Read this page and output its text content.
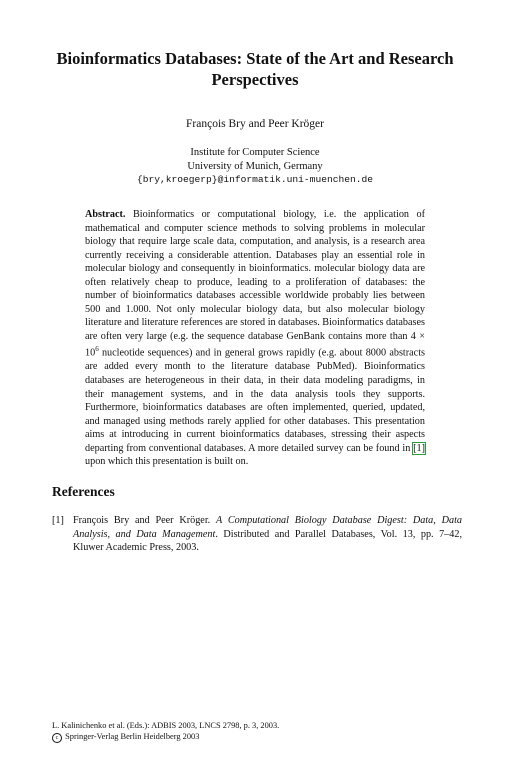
Bioinformatics Databases: State of the Art and Research Perspectives
François Bry and Peer Kröger
Institute for Computer Science
University of Munich, Germany
{bry,kroegerp}@informatik.uni-muenchen.de

Abstract. Bioinformatics or computational biology, i.e. the application of mathematical and computer science methods to solving problems in molecular biology that require large scale data, computation, and analysis, is a research area currently receiving a considerable attention. Databases play an essential role in molecular biology and consequently in bioinformatics. molecular biology data are often relatively cheap to produce, leading to a proliferation of databases: the number of bioinformatics databases accessible worldwide probably lies between 500 and 1.000. Not only molecular biology data, but also molecular biology literature and literature references are stored in databases. Bioinformatics databases are often very large (e.g. the sequence database GenBank contains more than $4 \times 10^6$ nucleotide sequences) and in general grows rapidly (e.g. about 8000 abstracts are added every month to the literature database PubMed). Bioinformatics databases are heterogeneous in their data, in their data modeling paradigms, in their management systems, and in the data analysis tools they supports. Furthermore, bioinformatics databases are often implemented, queried, updated, and managed using methods rarely applied for other databases. This presentation aims at introducing in current bioinformatics databases, stressing their aspects departing from conventional databases. A more detailed survey can be found in [1] upon which this presentation is built on.

References
[1] François Bry and Peer Kröger. A Computational Biology Database Digest: Data, Data Analysis, and Data Management. Distributed and Parallel Databases, Vol. 13, pp. 7–42, Kluwer Academic Press, 2003.
L. Kalinichenko et al. (Eds.): ADBIS 2003, LNCS 2798, p. 3, 2003.
c Springer-Verlag Berlin Heidelberg 2003
